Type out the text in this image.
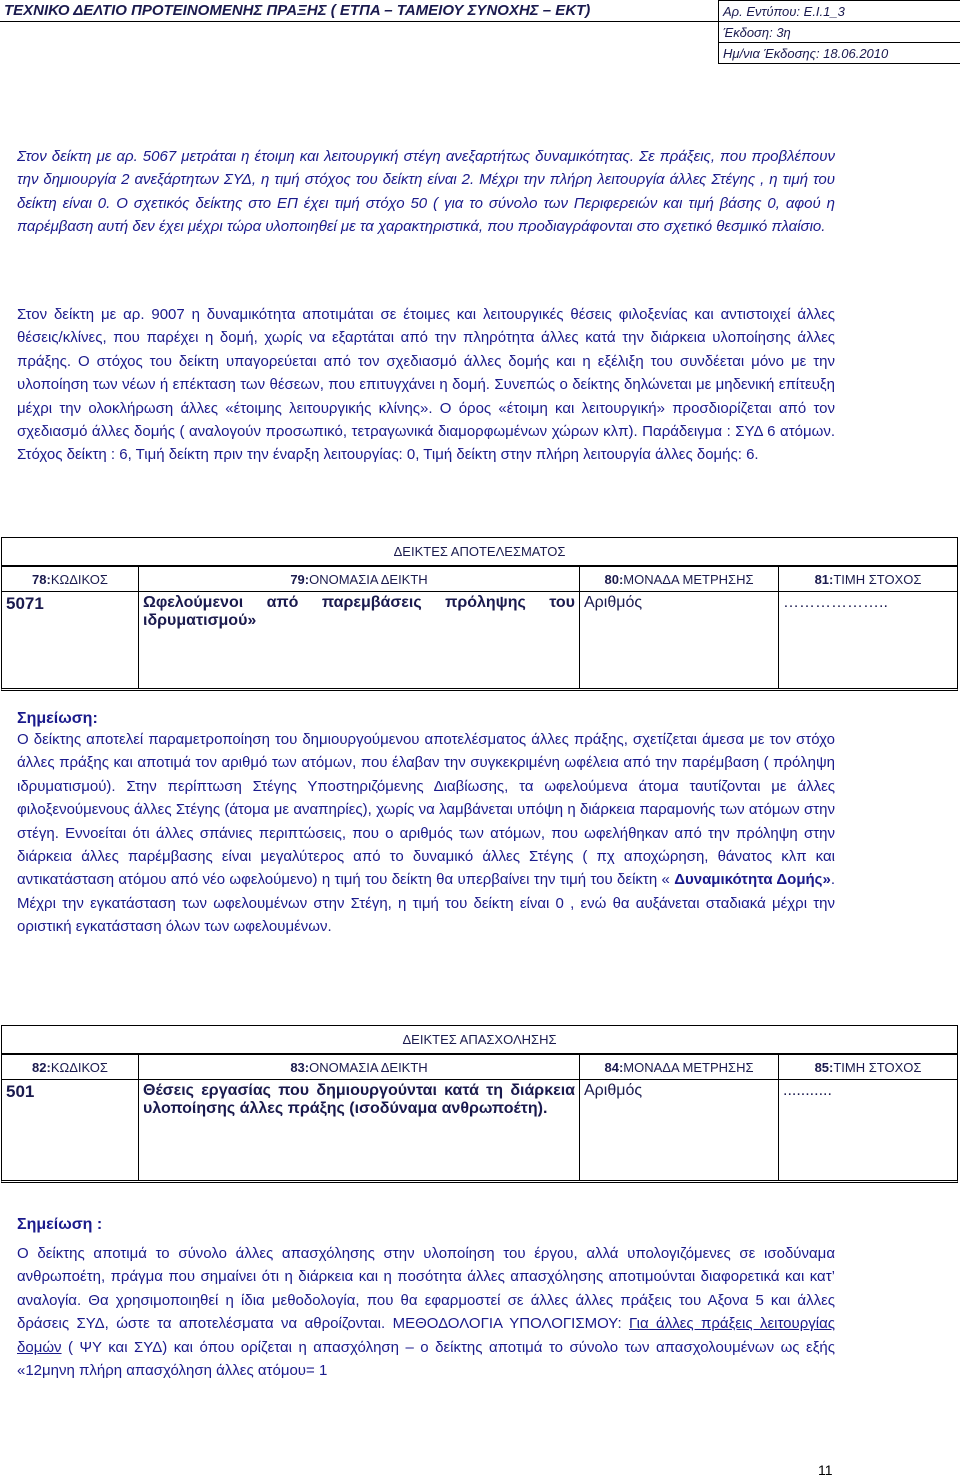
ΤΕΧΝΙΚΟ ΔΕΛΤΙΟ ΠΡΟΤΕΙΝΟΜΕΝΗΣ ΠΡΑΞΗΣ ( ΕΤΠΑ – ΤΑΜΕΙΟΥ ΣΥΝΟΧΗΣ – ΕΚΤ)	Αρ. Εντύπου: Ε.Ι.1_3
	Έκδοση: 3η
	Ημ/νια Έκδοσης: 18.06.2010

Στον δείκτη με αρ. 5067 μετράται η έτοιμη και λειτουργική στέγη ανεξαρτήτως δυναμικότητας. Σε πράξεις, που προβλέπουν την δημιουργία 2 ανεξάρτητων ΣΥΔ, η τιμή στόχος του δείκτη είναι 2. Μέχρι την πλήρη λειτουργία άλλες Στέγης , η τιμή του δείκτη είναι 0. Ο σχετικός δείκτης στο ΕΠ έχει τιμή στόχο 50 ( για το σύνολο των Περιφερειών και τιμή βάσης 0, αφού η παρέμβαση αυτή δεν έχει μέχρι τώρα υλοποιηθεί με τα χαρακτηριστικά, που προδιαγράφονται στο σχετικό θεσμικό πλαίσιο.

Στον δείκτη με αρ. 9007 η δυναμικότητα αποτιμάται σε έτοιμες και λειτουργικές θέσεις φιλοξενίας και αντιστοιχεί άλλες θέσεις/κλίνες, που παρέχει η δομή, χωρίς να εξαρτάται από την πληρότητα άλλες κατά την διάρκεια υλοποίησης άλλες πράξης. Ο στόχος του δείκτη υπαγορεύεται από τον σχεδιασμό άλλες δομής και η εξέλιξη του συνδέεται μόνο με την υλοποίηση των νέων ή επέκταση των θέσεων, που επιτυγχάνει η δομή. Συνεπώς ο δείκτης δηλώνεται με μηδενική επίτευξη μέχρι την ολοκλήρωση άλλες «έτοιμης λειτουργικής κλίνης». Ο όρος «έτοιμη και λειτουργική» προσδιορίζεται από τον σχεδιασμό άλλες δομής ( αναλογούν προσωπικό, τετραγωνικά διαμορφωμένων χώρων κλπ). Παράδειγμα : ΣΥΔ 6 ατόμων. Στόχος δείκτη : 6, Τιμή δείκτη πριν την έναρξη λειτουργίας: 0, Τιμή δείκτη στην πλήρη λειτουργία άλλες δομής: 6.

ΔΕΙΚΤΕΣ ΑΠΟΤΕΛΕΣΜΑΤΟΣ
78:ΚΩΔΙΚΟΣ	79:ΟΝΟΜΑΣΙΑ ΔΕΙΚΤΗ	80:ΜΟΝΑΔΑ ΜΕΤΡΗΣΗΣ	81:ΤΙΜΗ ΣΤΟΧΟΣ
5071	Ωφελούμενοι από παρεμβάσεις πρόληψης του ιδρυματισμού»	Αριθμός	………………..
Σημείωση:

Ο δείκτης αποτελεί παραμετροποίηση του δημιουργούμενου αποτελέσματος άλλες πράξης, σχετίζεται άμεσα με τον στόχο άλλες πράξης και αποτιμά τον αριθμό των ατόμων, που έλαβαν την συγκεκριμένη ωφέλεια από την παρέμβαση ( πρόληψη ιδρυματισμού). Στην περίπτωση Στέγης Υποστηριζόμενης Διαβίωσης, τα ωφελούμενα άτομα ταυτίζονται με άλλες φιλοξενούμενους άλλες Στέγης (άτομα με αναπηρίες), χωρίς να λαμβάνεται υπόψη η διάρκεια παραμονής των ατόμων στην στέγη. Εννοείται ότι άλλες σπάνιες περιπτώσεις, που ο αριθμός των ατόμων, που ωφελήθηκαν από την πρόληψη στην διάρκεια άλλες παρέμβασης είναι μεγαλύτερος από το δυναμικό άλλες Στέγης ( πχ αποχώρηση, θάνατος κλπ και αντικατάσταση ατόμου από νέο ωφελούμενο) η τιμή του δείκτη θα υπερβαίνει την τιμή του δείκτη « Δυναμικότητα Δομής». Μέχρι την εγκατάσταση των ωφελουμένων στην Στέγη, η τιμή του δείκτη είναι 0 , ενώ θα αυξάνεται σταδιακά μέχρι την οριστική εγκατάσταση όλων των ωφελουμένων.

ΔΕΙΚΤΕΣ ΑΠΑΣΧΟΛΗΣΗΣ
82:ΚΩΔΙΚΟΣ	83:ΟΝΟΜΑΣΙΑ ΔΕΙΚΤΗ	84:ΜΟΝΑΔΑ ΜΕΤΡΗΣΗΣ	85:ΤΙΜΗ ΣΤΟΧΟΣ
501	Θέσεις εργασίας που δημιουργούνται κατά τη διάρκεια υλοποίησης άλλες πράξης (ισοδύναμα ανθρωποέτη).	Αριθμός	...........
Σημείωση :

Ο δείκτης αποτιμά το σύνολο άλλες απασχόλησης στην υλοποίηση του έργου, αλλά υπολογιζόμενες σε ισοδύναμα ανθρωποέτη, πράγμα που σημαίνει ότι η διάρκεια και η ποσότητα άλλες απασχόλησης αποτιμούνται διαφορετικά και κατ’ αναλογία. Θα χρησιμοποιηθεί η ίδια μεθοδολογία, που θα εφαρμοστεί σε άλλες άλλες πράξεις του Αξονα 5 και άλλες δράσεις ΣΥΔ, ώστε τα αποτελέσματα να αθροίζονται. ΜΕΘΟΔΟΛΟΓΙΑ ΥΠΟΛΟΓΙΣΜΟΥ: Για άλλες πράξεις λειτουργίας δομών ( ΨΥ και ΣΥΔ) και όπου ορίζεται η απασχόληση – ο δείκτης αποτιμά το σύνολο των απασχολουμένων ως εξής «12μηνη πλήρη απασχόληση άλλες ατόμου= 1

11
